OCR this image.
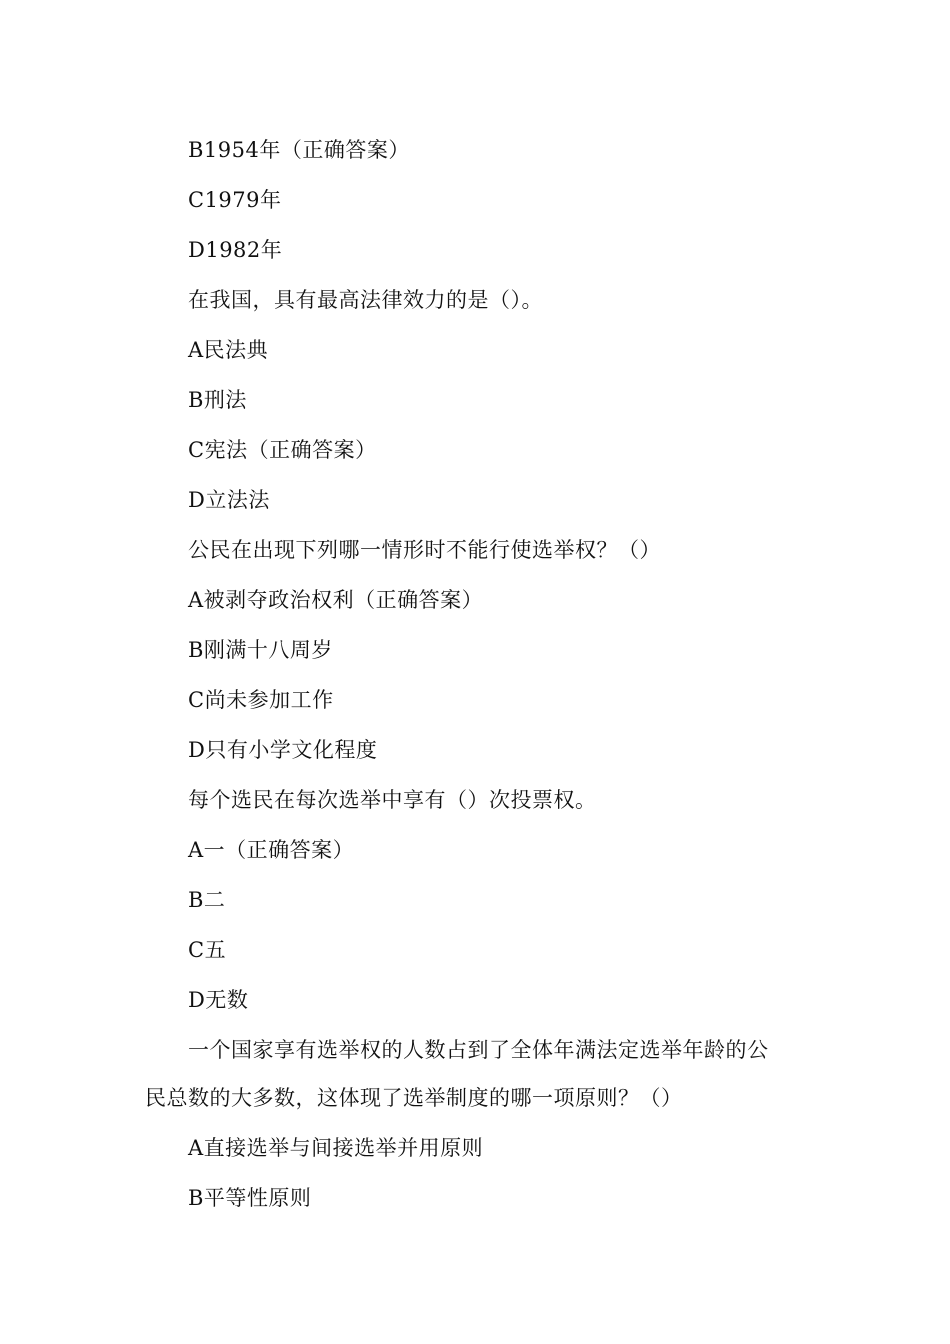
B1954年（正确答案）
C1979年
D1982年
在我国，具有最高法律效力的是（）。
A民法典
B刑法
C宪法（正确答案）
D立法法
公民在出现下列哪一情形时不能行使选举权？（）
A被剥夺政治权利（正确答案）
B刚满十八周岁
C尚未参加工作
D只有小学文化程度
每个选民在每次选举中享有（）次投票权。
A一（正确答案）
B二
C五
D无数
一个国家享有选举权的人数占到了全体年满法定选举年龄的公
民总数的大多数，这体现了选举制度的哪一项原则？（）
A直接选举与间接选举并用原则
B平等性原则
